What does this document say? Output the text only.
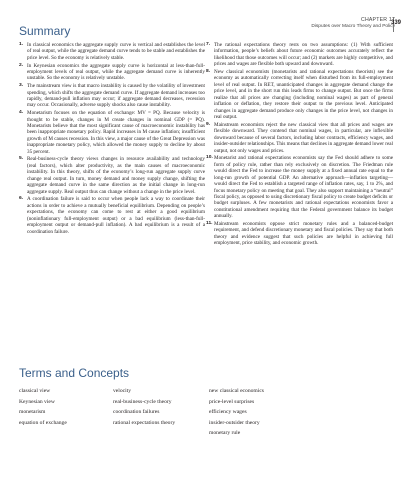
CHAPTER 17
Disputes over Macro Theory and Policy
339
Summary
1. In classical economics the aggregate supply curve is vertical and establishes the level of real output, while the aggregate demand curve tends to be stable and establishes the price level. So the economy is relatively stable.
2. In Keynesian economics the aggregate supply curve is horizontal at less-than-full-employment levels of real output, while the aggregate demand curve is inherently unstable. So the economy is relatively unstable.
3. The mainstream view is that macro instability is caused by the volatility of investment spending, which shifts the aggregate demand curve. If aggregate demand increases too rapidly, demand-pull inflation may occur; if aggregate demand decreases, recession may occur. Occasionally, adverse supply shocks also cause instability.
4. Monetarism focuses on the equation of exchange: MV = PQ. Because velocity is thought to be stable, changes in M create changes in nominal GDP (= PQ). Monetarists believe that the most significant cause of macroeconomic instability has been inappropriate monetary policy. Rapid increases in M cause inflation; insufficient growth of M causes recession. In this view, a major cause of the Great Depression was inappropriate monetary policy, which allowed the money supply to decline by about 35 percent.
5. Real-business-cycle theory views changes in resource availability and technology (real factors), which alter productivity, as the main causes of macroeconomic instability. In this theory, shifts of the economy’s long-run aggregate supply curve change real output. In turn, money demand and money supply change, shifting the aggregate demand curve in the same direction as the initial change in long-run aggregate supply. Real output thus can change without a change in the price level.
6. A coordination failure is said to occur when people lack a way to coordinate their actions in order to achieve a mutually beneficial equilibrium. Depending on people’s expectations, the economy can come to rest at either a good equilibrium (noninflationary full-employment output) or a bad equilibrium (less-than-full-employment output or demand-pull inflation). A bad equilibrium is a result of a coordination failure.
7. The rational expectations theory rests on two assumptions: (1) With sufficient information, people’s beliefs about future economic outcomes accurately reflect the likelihood that those outcomes will occur; and (2) markets are highly competitive, and prices and wages are flexible both upward and downward.
8. New classical economists (monetarists and rational expectations theorists) see the economy as automatically correcting itself when disturbed from its full-employment level of real output. In RET, unanticipated changes in aggregate demand change the price level, and in the short run this leads firms to change output. But once the firms realize that all prices are changing (including nominal wages) as part of general inflation or deflation, they restore their output to the previous level. Anticipated changes in aggregate demand produce only changes in the price level, not changes in real output.
9. Mainstream economists reject the new classical view that all prices and wages are flexible downward. They contend that nominal wages, in particular, are inflexible downward because of several factors, including labor contracts, efficiency wages, and insider-outsider relationships. This means that declines in aggregate demand lower real output, not only wages and prices.
10. Monetarist and rational expectations economists say the Fed should adhere to some form of policy rule, rather than rely exclusively on discretion. The Friedman rule would direct the Fed to increase the money supply at a fixed annual rate equal to the long-run growth of potential GDP. An alternative approach—inflation targeting—would direct the Fed to establish a targeted range of inflation rates, say, 1 to 2%, and focus monetary policy on meeting that goal. They also support maintaining a “neutral” fiscal policy, as opposed to using discretionary fiscal policy to create budget deficits or budget surpluses. A few monetarists and rational expectations economists favor a constitutional amendment requiring that the Federal government balance its budget annually.
11. Mainstream economists oppose strict monetary rules and a balanced-budget requirement, and defend discretionary monetary and fiscal policies. They say that both theory and evidence suggest that such policies are helpful in achieving full employment, price stability, and economic growth.
Terms and Concepts
classical view	velocity	new classical economics
Keynesian view	real-business-cycle theory	price-level surprises
monetarism	coordination failures	efficiency wages
equation of exchange	rational expectations theory	insider-outsider theory
monetary rule
